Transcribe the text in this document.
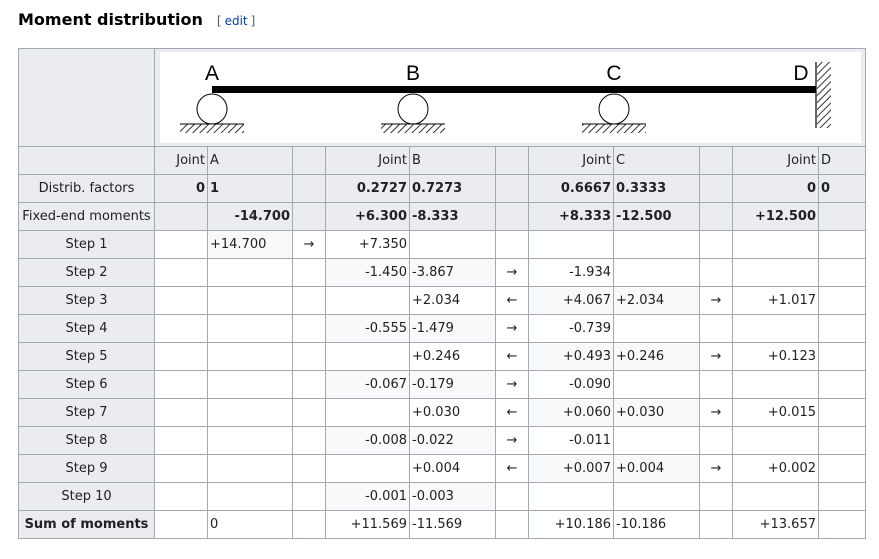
Moment distribution [ edit ]

A B C D										

	Joint	A		Joint	B		Joint	C		Joint	D
Distrib. factors	0	1		0.2727	0.7273		0.6667	0.3333		0	0
Fixed-end moments		-14.700		+6.300	-8.333		+8.333	-12.500		+12.500	
Step 1		+14.700	→	+7.350							
Step 2				-1.450	-3.867	→	-1.934				
Step 3					+2.034	←	+4.067	+2.034	→	+1.017	
Step 4				-0.555	-1.479	→	-0.739				
Step 5					+0.246	←	+0.493	+0.246	→	+0.123	
Step 6				-0.067	-0.179	→	-0.090				
Step 7					+0.030	←	+0.060	+0.030	→	+0.015	
Step 8				-0.008	-0.022	→	-0.011				
Step 9					+0.004	←	+0.007	+0.004	→	+0.002	
Step 10				-0.001	-0.003						
Sum of moments		0		+11.569	-11.569		+10.186	-10.186		+13.657	
